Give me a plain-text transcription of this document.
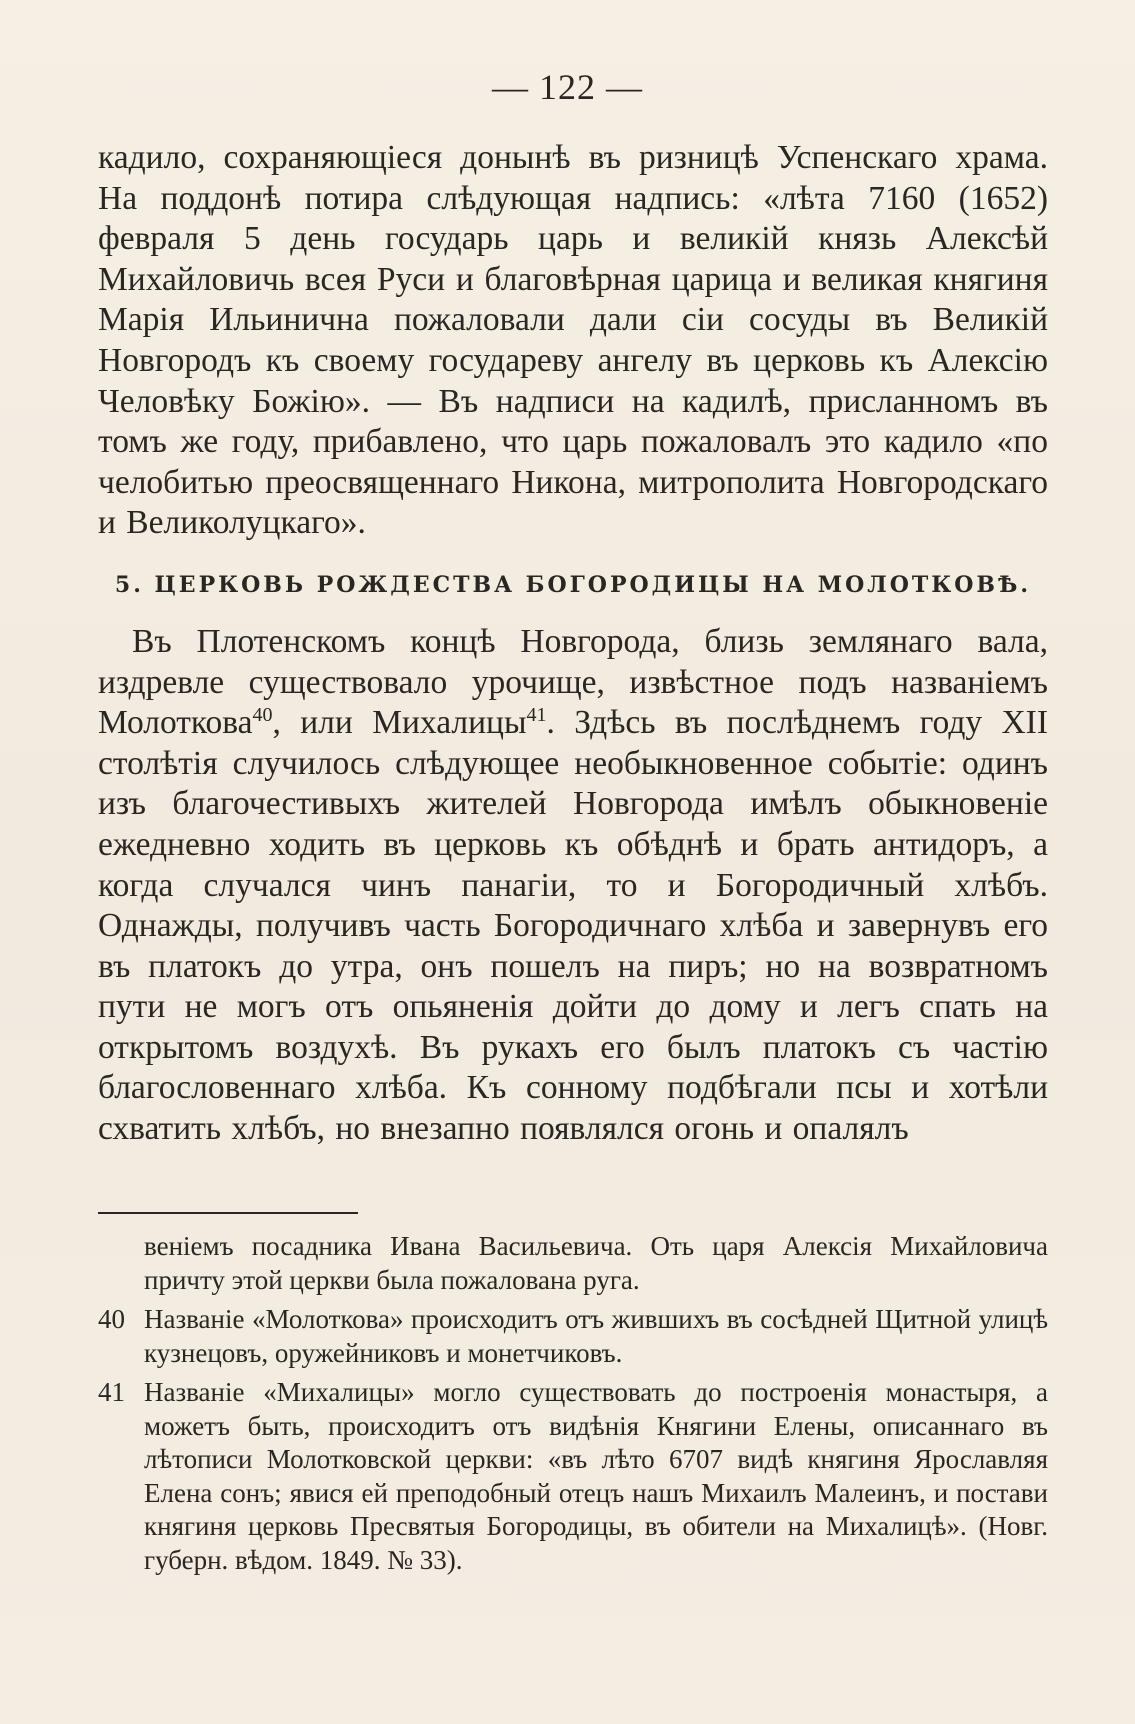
— 122 —

кадило, сохраняющіеся донынѣ въ ризницѣ Успенскаго храма. На поддонѣ потира слѣдующая надпись: «лѣта 7160 (1652) февраля 5 день государь царь и великій князь Алексѣй Михайловичь всея Руси и благовѣрная царица и великая княгиня Марія Ильинична пожаловали дали сіи сосуды въ Великій Новгородъ къ своему государеву ангелу въ церковь къ Алексію Человѣку Божію». — Въ надписи на кадилѣ, присланномъ въ томъ же году, прибавлено, что царь пожаловалъ это кадило «по челобитью преосвященнаго Никона, митрополита Новгородскаго и Великолуцкаго».

5. ЦЕРКОВЬ РОЖДЕСТВА БОГОРОДИЦЫ НА МОЛОТКОВѢ.

Въ Плотенскомъ концѣ Новгорода, близь землянаго вала, издревле существовало урочище, извѣстное подъ названіемъ Молоткова$^{40}$, или Михалицы$^{41}$. Здѣсь въ послѣднемъ году XII столѣтія случилось слѣдующее необыкновенное событіе: одинъ изъ благочестивыхъ жителей Новгорода имѣлъ обыкновеніе ежедневно ходить въ церковь къ обѣднѣ и брать антидоръ, а когда случался чинъ панагіи, то и Богородичный хлѣбъ. Однажды, получивъ часть Богородичнаго хлѣба и завернувъ его въ платокъ до утра, онъ пошелъ на пиръ; но на возвратномъ пути не могъ отъ опьяненія дойти до дому и легъ спать на открытомъ воздухѣ. Въ рукахъ его былъ платокъ съ частію благословеннаго хлѣба. Къ сонному подбѣгали псы и хотѣли схватить хлѣбъ, но внезапно появлялся огонь и опалялъ

веніемъ посадника Ивана Васильевича. Оть царя Алексія Михайловича причту этой церкви была пожалована руга.
40 Названіе «Молоткова» происходитъ отъ жившихъ въ сосѣдней Щитной улицѣ кузнецовъ, оружейниковъ и монетчиковъ.
41 Названіе «Михалицы» могло существовать до построенія монастыря, а можетъ быть, происходитъ отъ видѣнія Княгини Елены, описаннаго въ лѣтописи Молотковской церкви: «въ лѣто 6707 видѣ княгиня Ярославляя Елена сонъ; явися ей преподобный отецъ нашъ Михаилъ Малеинъ, и постави княгиня церковь Пресвятыя Богородицы, въ обители на Михалицѣ». (Новг. губерн. вѣдом. 1849. № 33).
